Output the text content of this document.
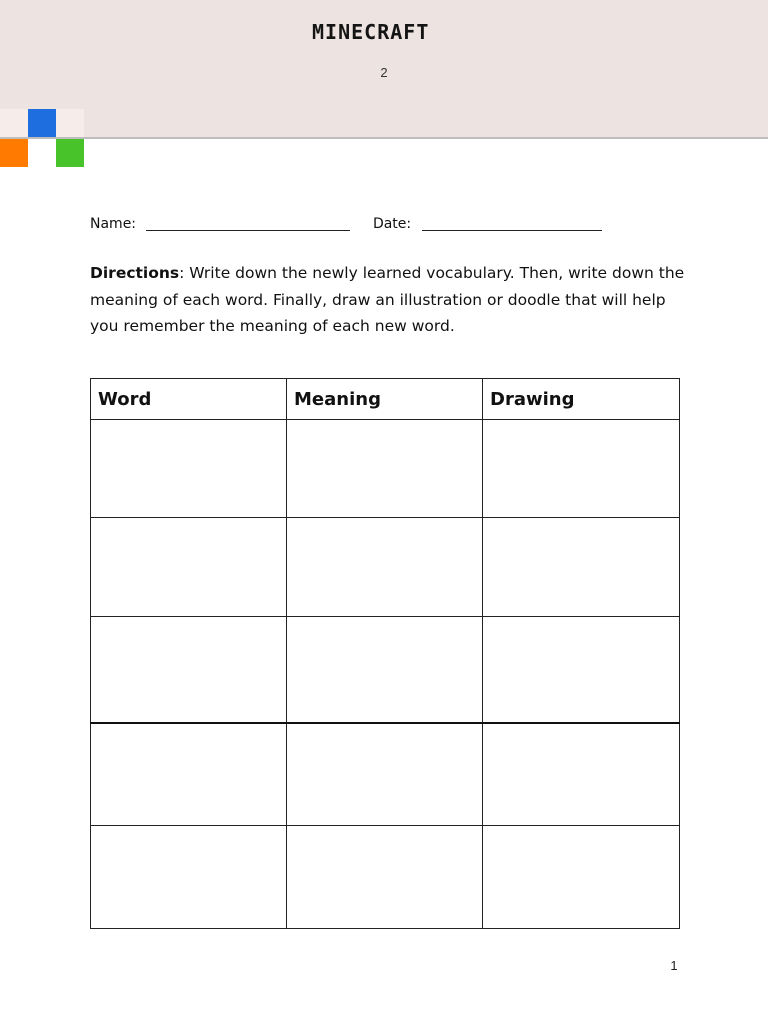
MINECRAFT
2
Name:	Date:
Directions: Write down the newly learned vocabulary. Then, write down the meaning of each word. Finally, draw an illustration or doodle that will help you remember the meaning of each new word.
Word	Meaning	Drawing

1
